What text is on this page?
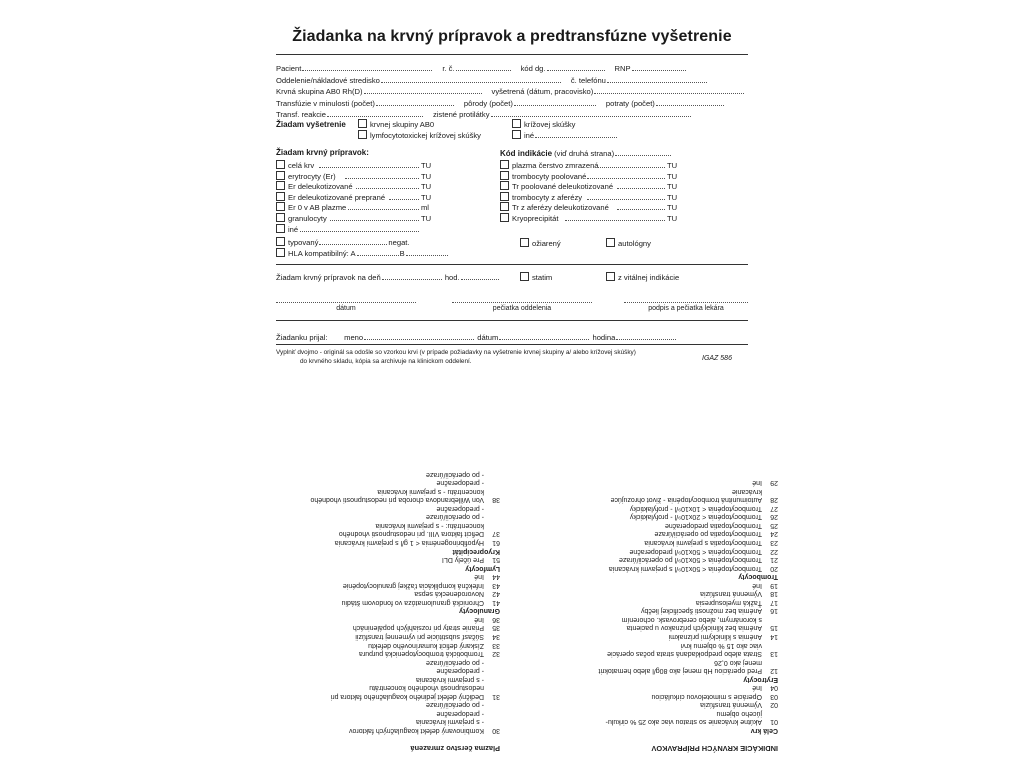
Žiadanka na krvný prípravok a predtransfúzne vyšetrenie
Pacient	r. č.	kód dg.	RNP
Oddelenie/nákladové stredisko	č. telefónu
Krvná skupina AB0 Rh(D)	vyšetrená (dátum, pracovisko)
Transfúzie v minulosti (počet)	pôrody (počet)	potraty (počet)
Transf. reakcie	zistené protilátky
Žiadam vyšetrenie	krvnej skupiny AB0
lymfocytotoxickej krížovej skúšky
krížovej skúšky
iné
Žiadam krvný prípravok:	Kód indikácie (viď druhá strana)
celá krv	TU
erytrocyty (Er)	TU
Er deleukotizované	TU
Er deleukotizované preprané	TU
Er 0 v AB plazme	ml
granulocyty	TU
iné
plazma čerstvo zmrazená	TU
trombocyty poolované	TU
Tr poolované deleukotizované	TU
trombocyty z aferézy	TU
Tr z aferézy deleukotizované	TU
Kryoprecipitát	TU
typovaný	negat.
HLA kompatibilný: A	B
ožiarený	autológny
Žiadam krvný prípravok na deň	hod.	statim	z vitálnej indikácie
dátum	pečiatka oddelenia	podpis a pečiatka lekára
Žiadanku prijal: meno	dátum	hodina
Vyplniť dvojmo - originál sa odošle so vzorkou krvi (v prípade požiadavky na vyšetrenie krvnej skupiny a/ alebo krížovej skúšky)
do krvného skladu, kópia sa archivuje na klinickom oddelení.	IGAZ 586
INDIKÁCIE KRVNÝCH PRÍPRAVKOV
Plazma čerstvo zmrazená
Celá krv
01Akútne krvácanie so stratou viac ako 25 % cirkulu-
júceho objemu
02Výmenná transfúzia
03Operácie s mimotelovou cirkuláciou
04Iné
Erytrocyty
12Pred operáciou Hb menej ako 80g/l alebo hematokrit
menej ako 0,26
13Strata alebo predpokladaná strata počas operácie
viac ako 15 % objemu krvi
14Anémia s klinickými príznakmi
15Anémia bez klinických príznakov u pacienta
s koronárnym, alebo cerebrovask. ochorením
16Anémia bez možnosti špecifickej liečby
17Ťažká myelosupresia
18Výmenná transfúzia
19Iné
Trombocyty
20Trombocytopénia < 50x10⁹/l s prejavmi krvácania
21Trombocytopénia < 50x10⁹/l po operácii/úraze
22Trombocytopénia < 50x10⁹/l predoperačne
23Trombocytopatia s prejavmi krvácania
24Trombocytopatia po operácii/úraze
25Trombocytopatia predoperačne
26Trombocytopénia < 20x10⁹/l - profylakticky
27Trombocytopénia < 10x10⁹/l - profylakticky
28Autoimunitná trombocytopénia - život ohrozujúce
krvácanie
29Iné
30Kombinovaný defekt koagulačných faktorov
- s prejavmi krvácania
- predoperačne
- po operácii/úraze
31Dedičný defekt jediného koagulačného faktora pri
nedostupnosti vhodného koncentrátu
- s prejavmi krvácania
- predoperačne
- po operácii/úraze
32Trombotická trombocytopenická purpura
33Získaný deficit kumarínového defektu
34Súčasť substitúcie pri výmennej transfúzii
35Prianie straty pri rozsiahlých popáleninách
36Iné
Granulocyty
41Chronická granulomatóza vo fondovom štádiu
42Novorodenecká sepsa
43Infekčná komplikácia ťažkej granulocytopénie
44Iné
Lymfocyty
51Pre účely DLI
Kryoprecipitát
61Hypofibrinogenémia < 1 g/l s prejavmi krvácania
37Deficit faktora VIII. pri nedostupnosti vhodného
koncentrátu: - s prejavmi krvácania
- po operácii/úraze
- predoperačne
38Von Willebrandova choroba pri nedostupnosti vhodného
koncentrátu - s prejavmi krvácania
- predoperačne
- po operácii/úraze
